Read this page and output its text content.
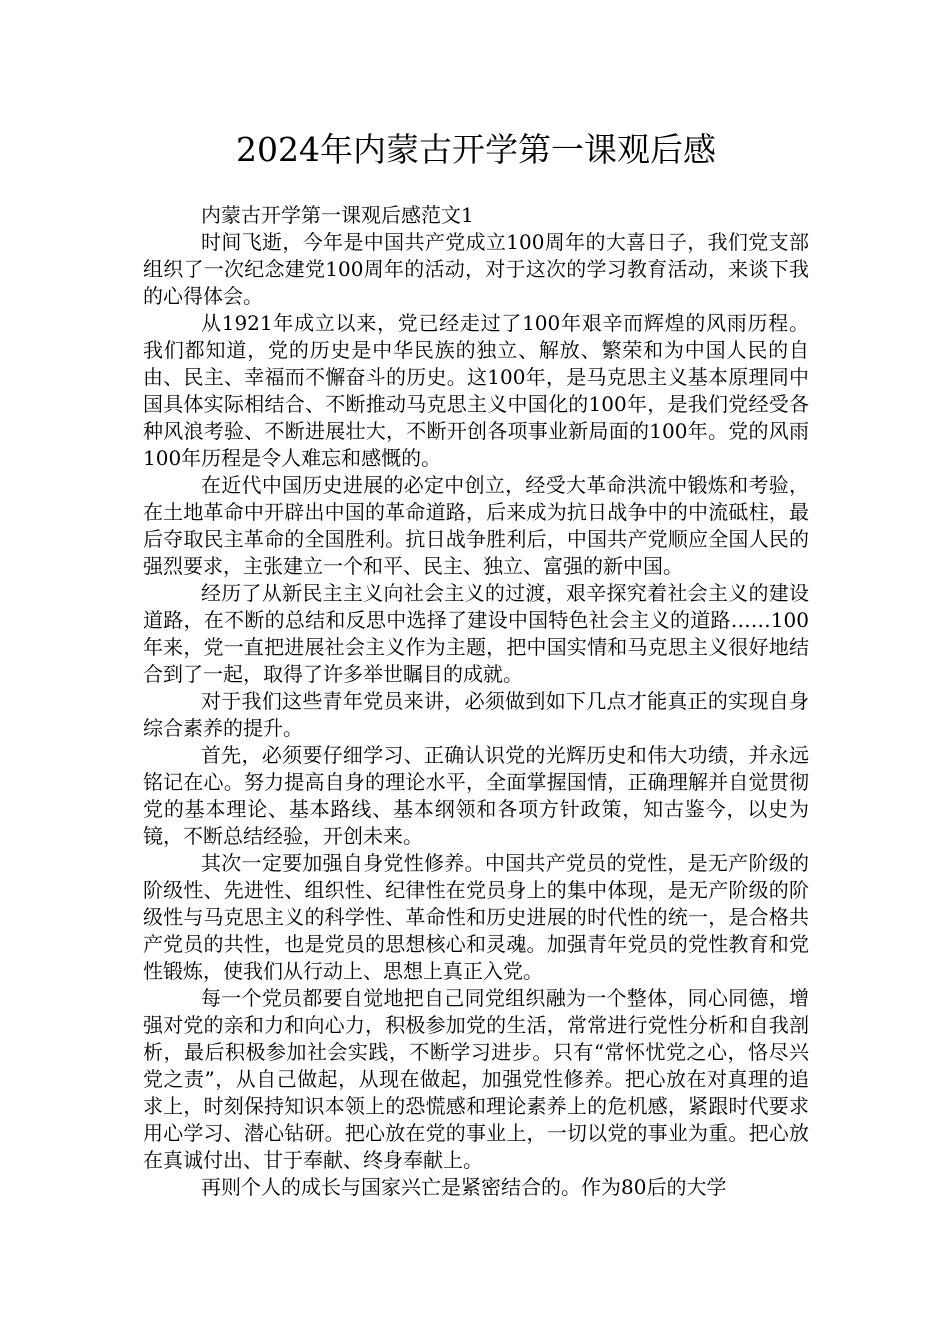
2024年内蒙古开学第一课观后感

内蒙古开学第一课观后感范文1

时间飞逝，今年是中国共产党成立100周年的大喜日子，我们党支部组织了一次纪念建党100周年的活动，对于这次的学习教育活动，来谈下我的心得体会。

从1921年成立以来，党已经走过了100年艰辛而辉煌的风雨历程。我们都知道，党的历史是中华民族的独立、解放、繁荣和为中国人民的自由、民主、幸福而不懈奋斗的历史。这100年，是马克思主义基本原理同中国具体实际相结合、不断推动马克思主义中国化的100年，是我们党经受各种风浪考验、不断进展壮大，不断开创各项事业新局面的100年。党的风雨100年历程是令人难忘和感慨的。

在近代中国历史进展的必定中创立，经受大革命洪流中锻炼和考验，在土地革命中开辟出中国的革命道路，后来成为抗日战争中的中流砥柱，最后夺取民主革命的全国胜利。抗日战争胜利后，中国共产党顺应全国人民的强烈要求，主张建立一个和平、民主、独立、富强的新中国。

经历了从新民主主义向社会主义的过渡，艰辛探究着社会主义的建设道路，在不断的总结和反思中选择了建设中国特色社会主义的道路……100年来，党一直把进展社会主义作为主题，把中国实情和马克思主义很好地结合到了一起，取得了许多举世瞩目的成就。

对于我们这些青年党员来讲，必须做到如下几点才能真正的实现自身综合素养的提升。

首先，必须要仔细学习、正确认识党的光辉历史和伟大功绩，并永远铭记在心。努力提高自身的理论水平，全面掌握国情，正确理解并自觉贯彻党的基本理论、基本路线、基本纲领和各项方针政策，知古鉴今，以史为镜，不断总结经验，开创未来。

其次一定要加强自身党性修养。中国共产党员的党性，是无产阶级的阶级性、先进性、组织性、纪律性在党员身上的集中体现，是无产阶级的阶级性与马克思主义的科学性、革命性和历史进展的时代性的统一，是合格共产党员的共性，也是党员的思想核心和灵魂。加强青年党员的党性教育和党性锻炼，使我们从行动上、思想上真正入党。

每一个党员都要自觉地把自己同党组织融为一个整体，同心同德，增强对党的亲和力和向心力，积极参加党的生活，常常进行党性分析和自我剖析，最后积极参加社会实践，不断学习进步。只有“常怀忧党之心，恪尽兴党之责”，从自己做起，从现在做起，加强党性修养。把心放在对真理的追求上，时刻保持知识本领上的恐慌感和理论素养上的危机感，紧跟时代要求用心学习、潜心钻研。把心放在党的事业上，一切以党的事业为重。把心放在真诚付出、甘于奉献、终身奉献上。

再则个人的成长与国家兴亡是紧密结合的。作为80后的大学
